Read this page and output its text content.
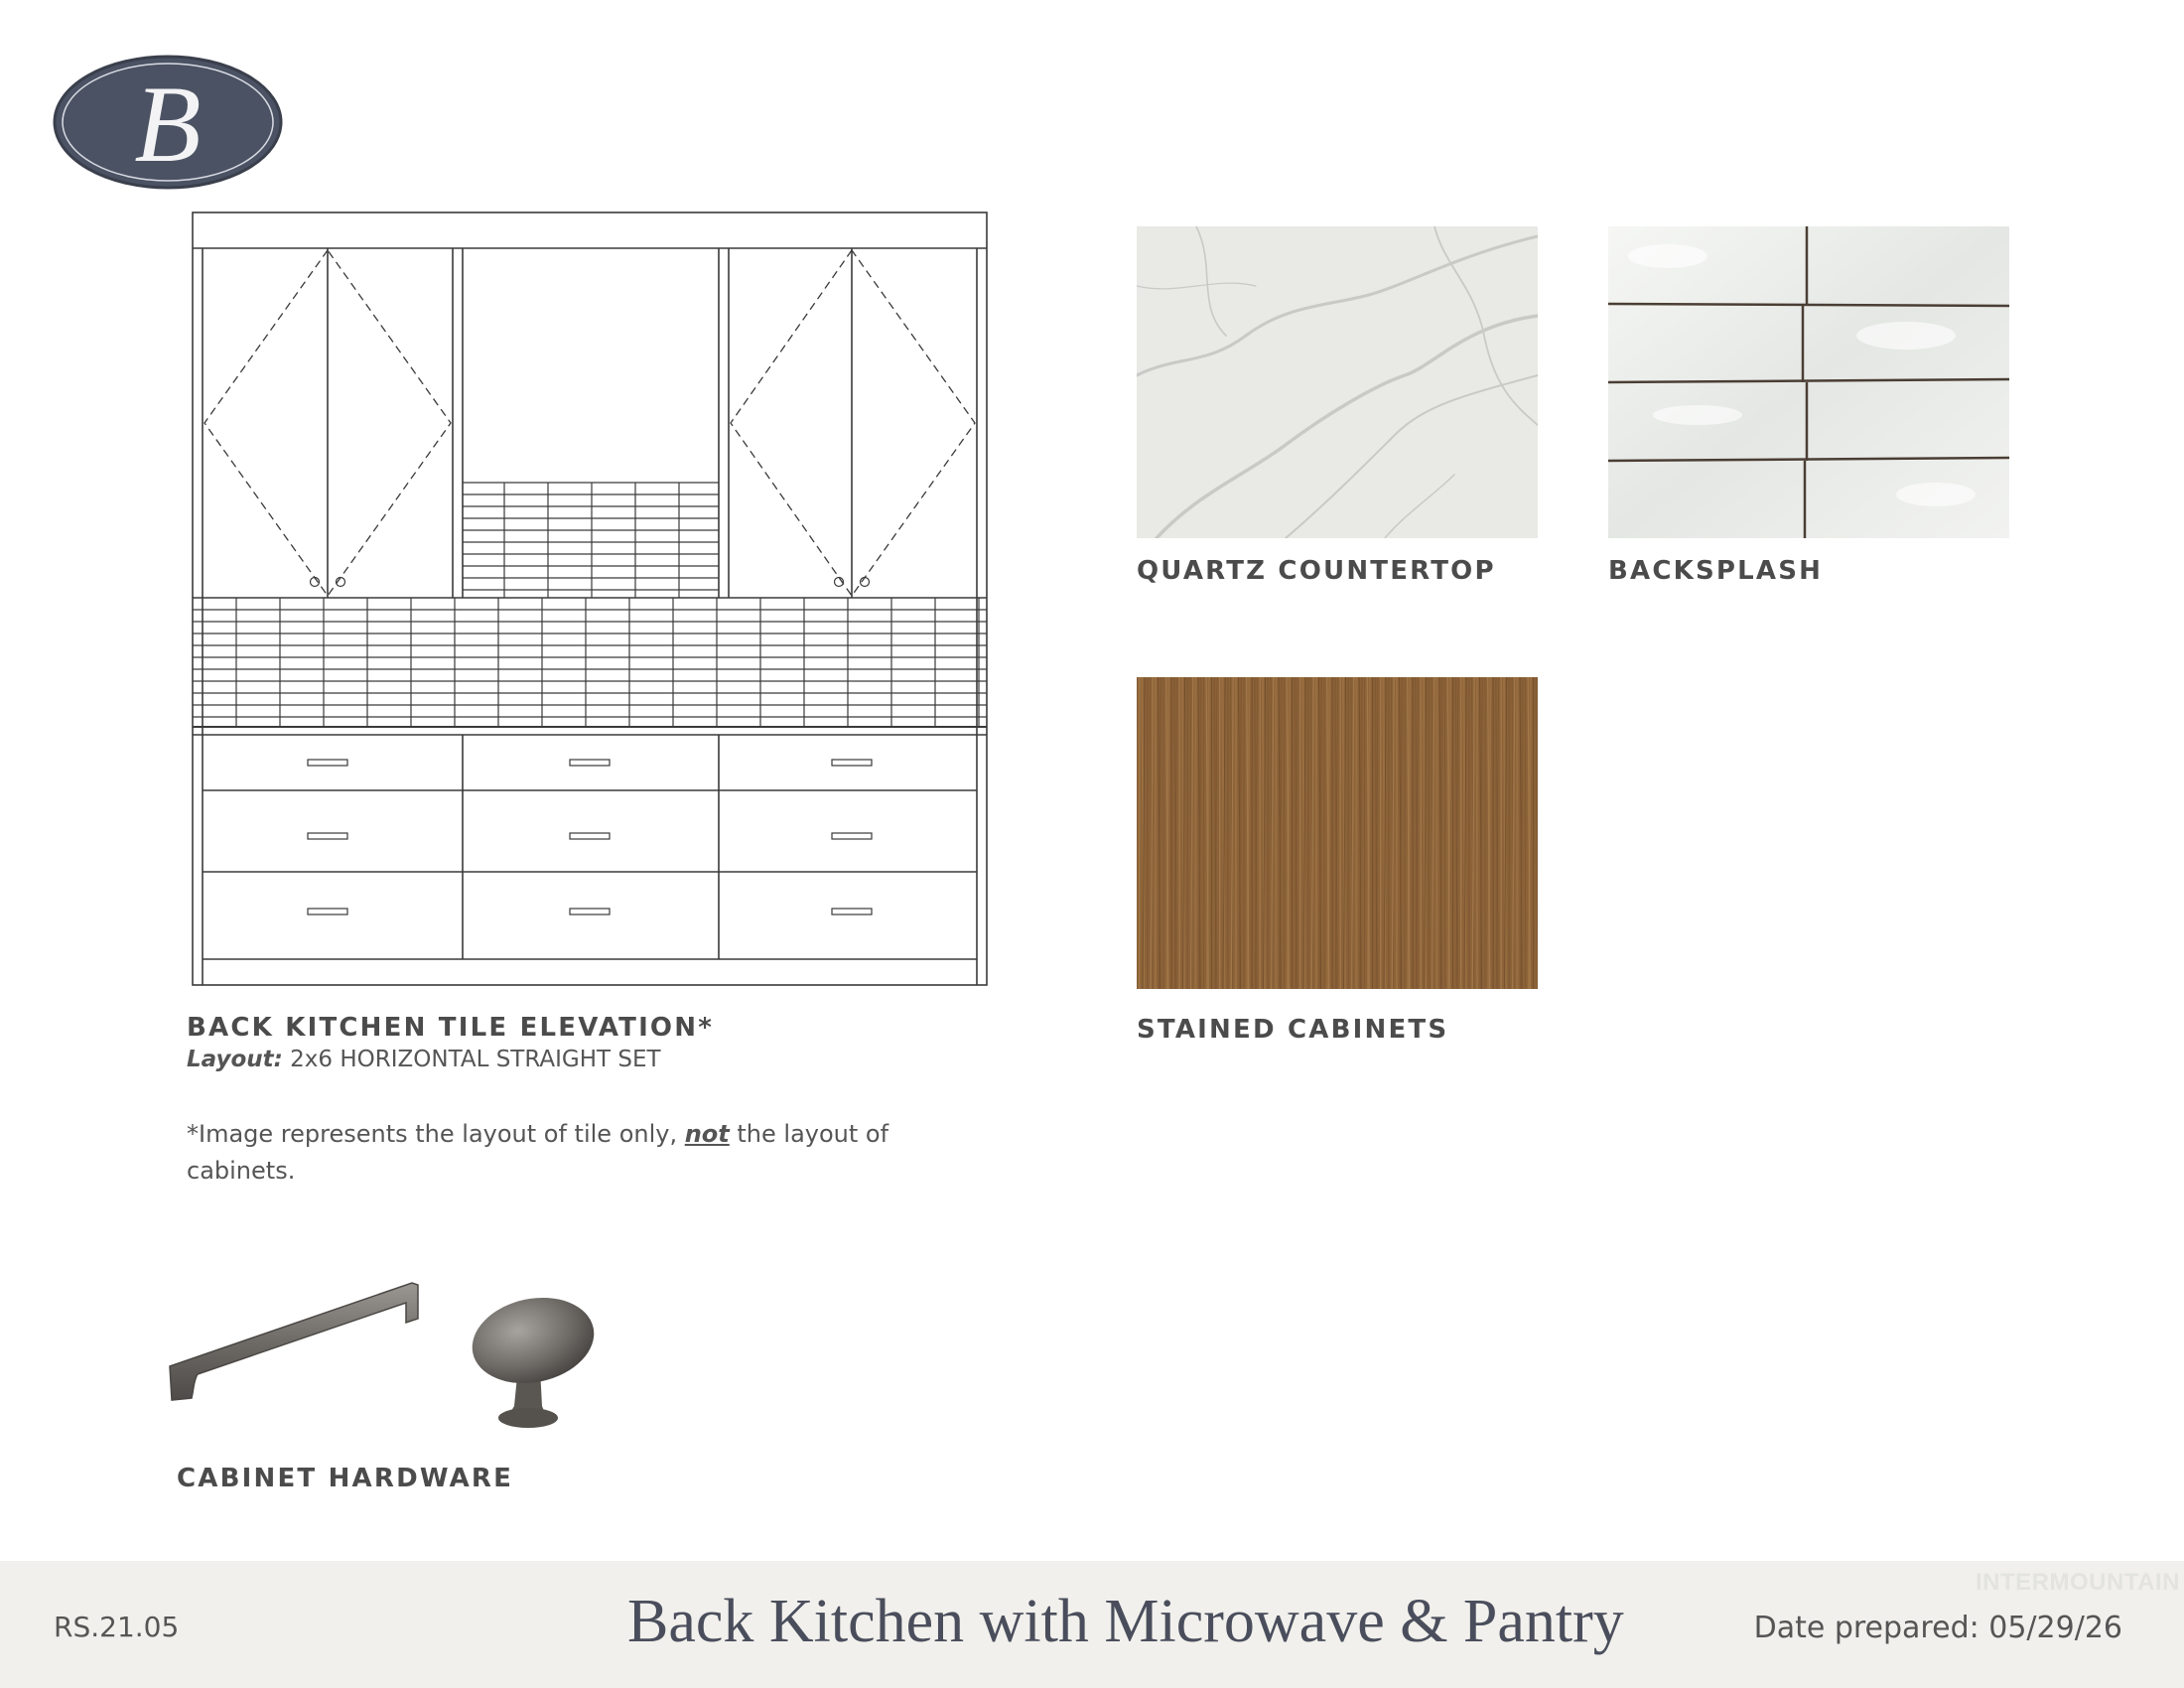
B
BACK KITCHEN TILE ELEVATION*
Layout: 2x6 HORIZONTAL STRAIGHT SET
*Image represents the layout of tile only, not the layout of cabinets.
QUARTZ COUNTERTOP	BACKSPLASH
STAINED CABINETS
CABINET HARDWARE
RS.21.05	Back Kitchen with Microwave & Pantry	Date prepared: 05/29/26
INTERMOUNTAIN
